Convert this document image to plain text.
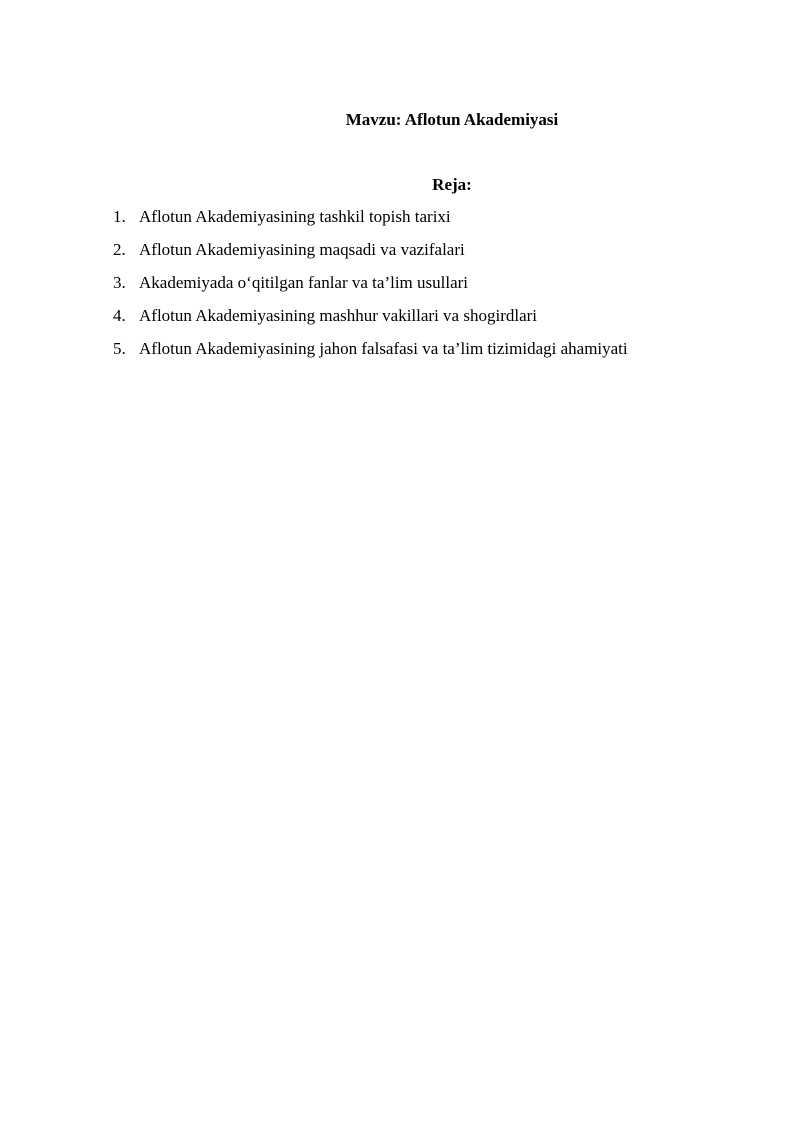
Mavzu: Aflotun Akademiyasi
Reja:
1. Aflotun Akademiyasining tashkil topish tarixi
2. Aflotun Akademiyasining maqsadi va vazifalari
3. Akademiyada o‘qitilgan fanlar va ta’lim usullari
4. Aflotun Akademiyasining mashhur vakillari va shogirdlari
5. Aflotun Akademiyasining jahon falsafasi va ta’lim tizimidagi ahamiyati
